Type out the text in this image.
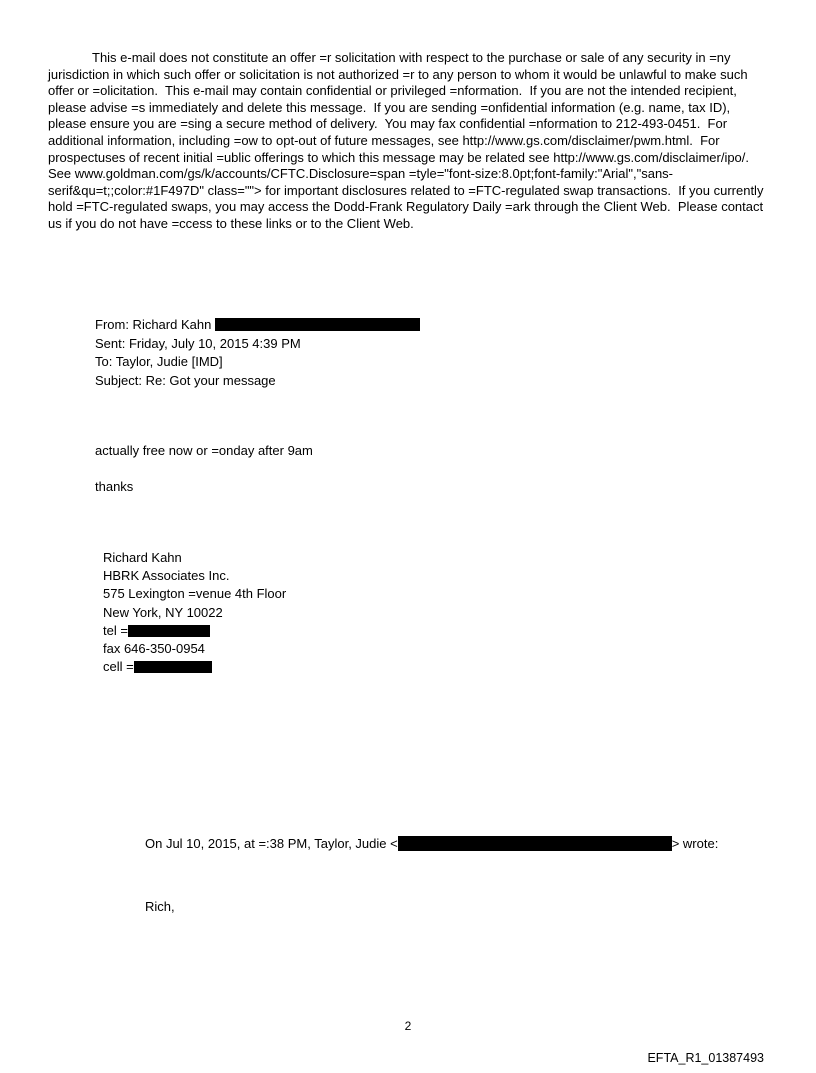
This e-mail does not constitute an offer =r solicitation with respect to the purchase or sale of any security in =ny jurisdiction in which such offer or solicitation is not authorized =r to any person to whom it would be unlawful to make such offer or =olicitation.  This e-mail may contain confidential or privileged =nformation.  If you are not the intended recipient, please advise =s immediately and delete this message.  If you are sending =onfidential information (e.g. name, tax ID), please ensure you are =sing a secure method of delivery.  You may fax confidential =nformation to 212-493-0451.  For additional information, including =ow to opt-out of future messages, see http://www.gs.com/disclaimer/pwm.html.  For prospectuses of recent initial =ublic offerings to which this message may be related see http://www.gs.com/disclaimer/ipo/.  See www.goldman.com/gs/k/accounts/CFTC.Disclosure=span =tyle="font-size:8.0pt;font-family:"Arial","sans-serif&qu=t;;color:#1F497D" class=""> for important disclosures related to =FTC-regulated swap transactions.  If you currently hold =FTC-regulated swaps, you may access the Dodd-Frank Regulatory Daily =ark through the Client Web.  Please contact us if you do not have =ccess to these links or to the Client Web.

From: Richard Kahn
Sent: Friday, July 10, 2015 4:39 PM
To: Taylor, Judie [IMD]
Subject: Re: Got your message
actually free now or =onday after 9am
thanks
Richard Kahn
HBRK Associates Inc.
575 Lexington =venue 4th Floor
New York, NY 10022
tel =
fax 646-350-0954
cell =
On Jul 10, 2015, at =:38 PM, Taylor, Judie <	> wrote:
Rich,
2
EFTA_R1_01387493
